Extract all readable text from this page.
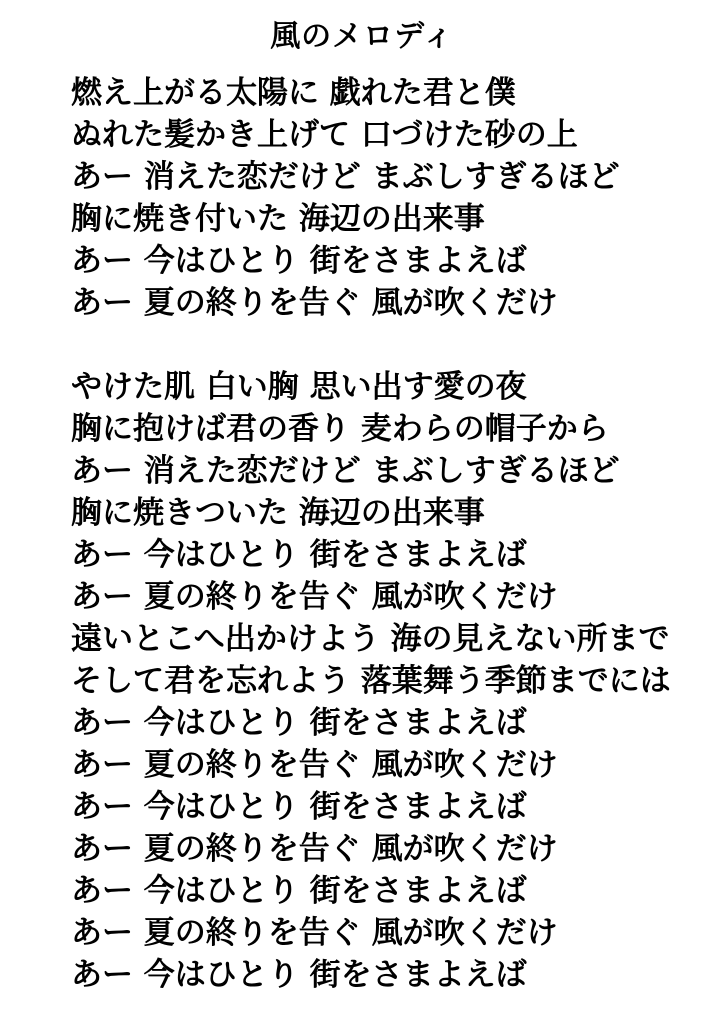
風のメロディ

燃え上がる太陽に 戯れた君と僕

ぬれた髪かき上げて 口づけた砂の上

あー 消えた恋だけど まぶしすぎるほど

胸に焼き付いた 海辺の出来事

あー 今はひとり 街をさまよえば

あー 夏の終りを告ぐ 風が吹くだけ

やけた肌 白い胸 思い出す愛の夜

胸に抱けば君の香り 麦わらの帽子から

あー 消えた恋だけど まぶしすぎるほど

胸に焼きついた 海辺の出来事

あー 今はひとり 街をさまよえば

あー 夏の終りを告ぐ 風が吹くだけ

遠いとこへ出かけよう 海の見えない所まで

そして君を忘れよう 落葉舞う季節までには

あー 今はひとり 街をさまよえば

あー 夏の終りを告ぐ 風が吹くだけ

あー 今はひとり 街をさまよえば

あー 夏の終りを告ぐ 風が吹くだけ

あー 今はひとり 街をさまよえば

あー 夏の終りを告ぐ 風が吹くだけ

あー 今はひとり 街をさまよえば
